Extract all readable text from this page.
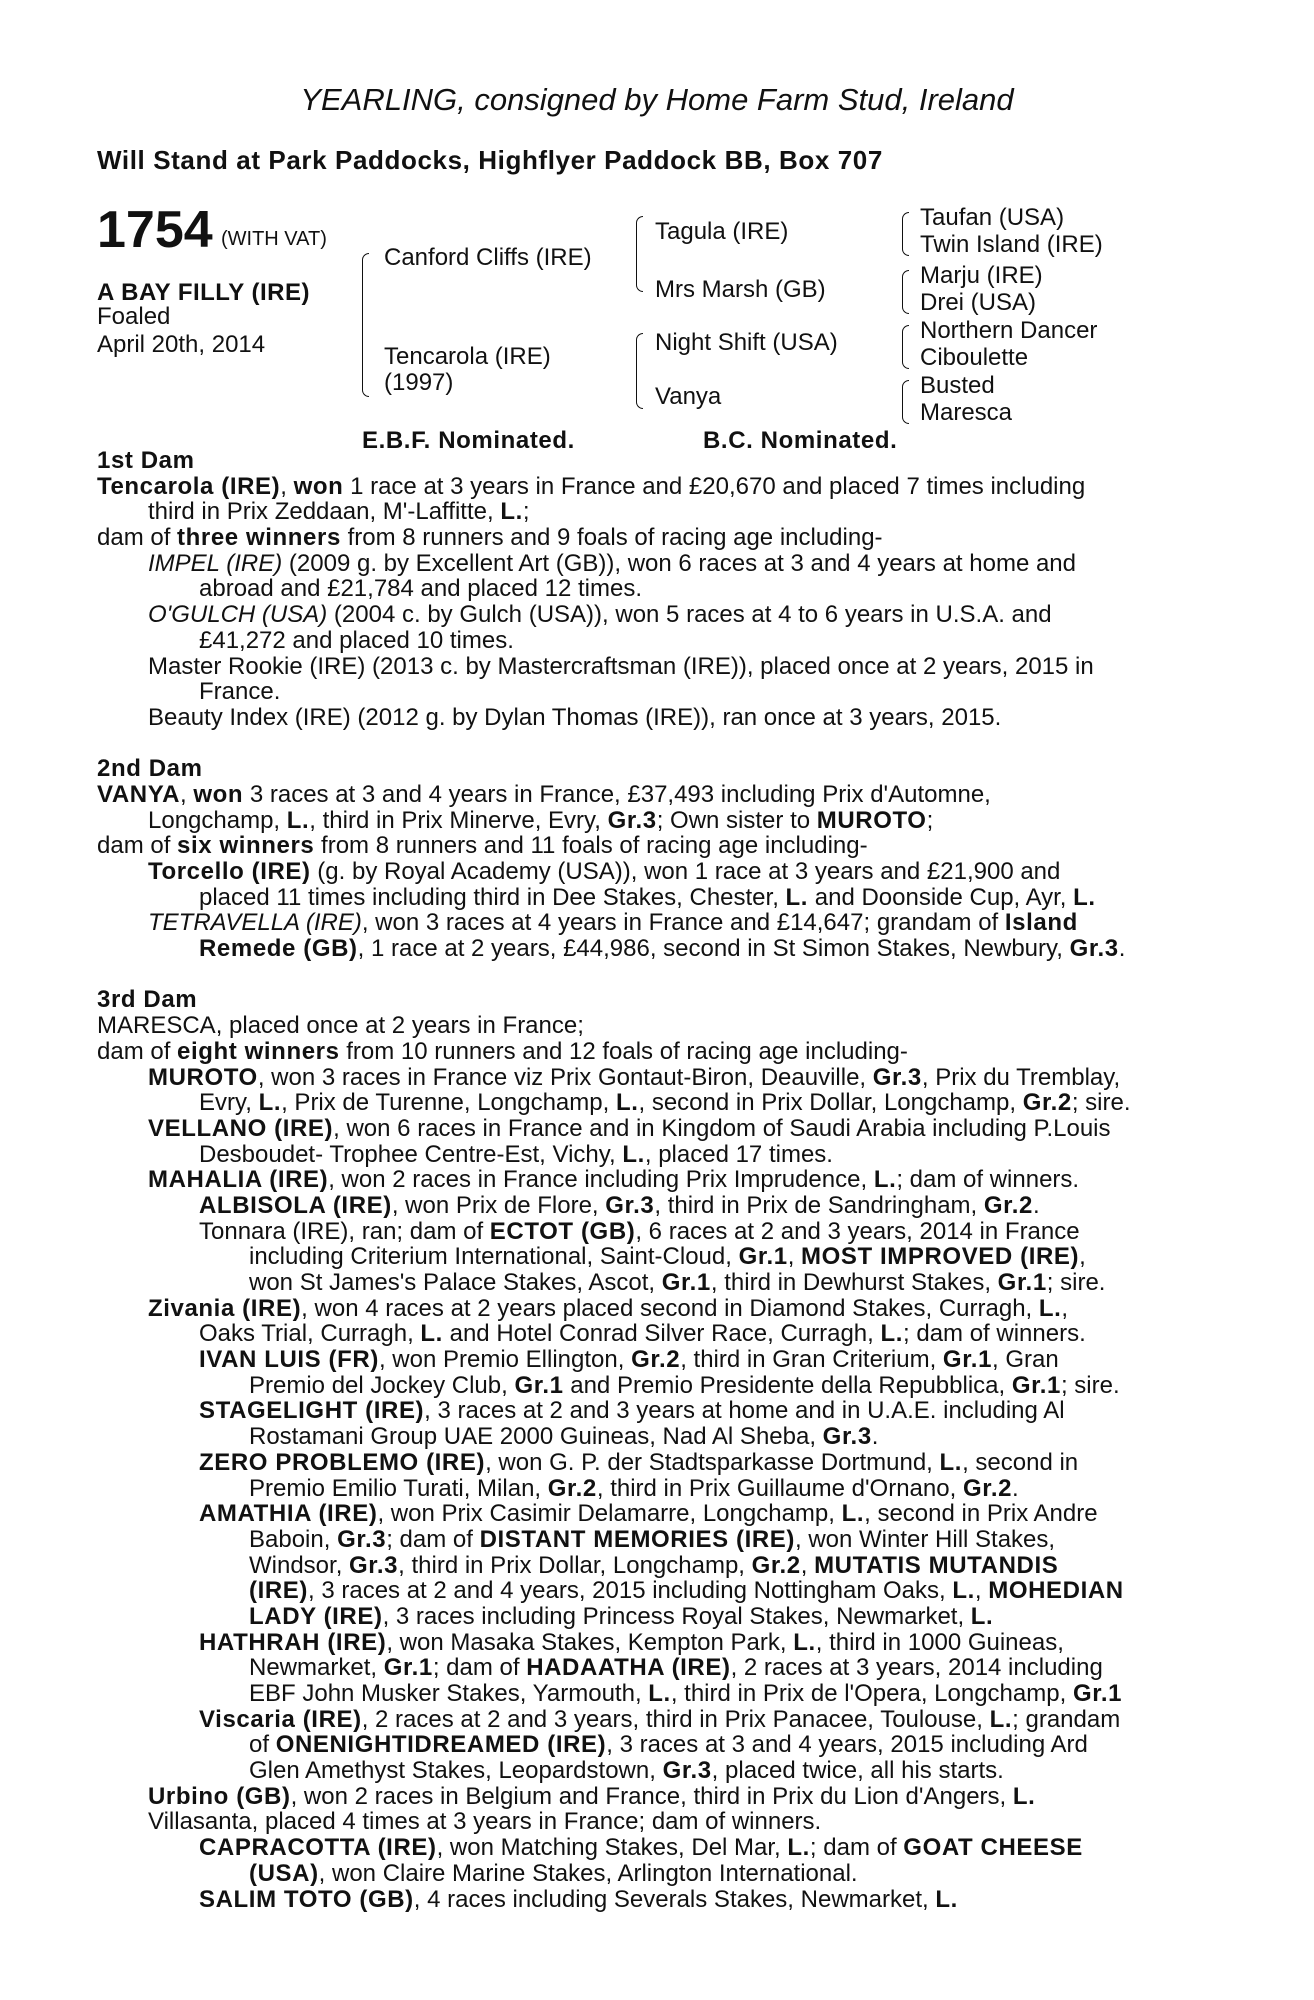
YEARLING, consigned by Home Farm Stud, Ireland
Will Stand at Park Paddocks, Highflyer Paddock BB, Box 707
1754 (WITH VAT)
A BAY FILLY (IRE)
Foaled
April 20th, 2014
Canford Cliffs (IRE)
Tencarola (IRE)
(1997)
Tagula (IRE)
Mrs Marsh (GB)
Night Shift (USA)
Vanya
Taufan (USA)
Twin Island (IRE)
Marju (IRE)
Drei (USA)
Northern Dancer
Ciboulette
Busted
Maresca
E.B.F. Nominated.	B.C. Nominated.
1st Dam
Tencarola (IRE), won 1 race at 3 years in France and £20,670 and placed 7 times including
third in Prix Zeddaan, M'-Laffitte, L.;
dam of three winners from 8 runners and 9 foals of racing age including-
IMPEL (IRE) (2009 g. by Excellent Art (GB)), won 6 races at 3 and 4 years at home and
abroad and £21,784 and placed 12 times.
O'GULCH (USA) (2004 c. by Gulch (USA)), won 5 races at 4 to 6 years in U.S.A. and
£41,272 and placed 10 times.
Master Rookie (IRE) (2013 c. by Mastercraftsman (IRE)), placed once at 2 years, 2015 in
France.
Beauty Index (IRE) (2012 g. by Dylan Thomas (IRE)), ran once at 3 years, 2015.
2nd Dam
VANYA, won 3 races at 3 and 4 years in France, £37,493 including Prix d'Automne,
Longchamp, L., third in Prix Minerve, Evry, Gr.3; Own sister to MUROTO;
dam of six winners from 8 runners and 11 foals of racing age including-
Torcello (IRE) (g. by Royal Academy (USA)), won 1 race at 3 years and £21,900 and
placed 11 times including third in Dee Stakes, Chester, L. and Doonside Cup, Ayr, L.
TETRAVELLA (IRE), won 3 races at 4 years in France and £14,647; grandam of Island
Remede (GB), 1 race at 2 years, £44,986, second in St Simon Stakes, Newbury, Gr.3.
3rd Dam
MARESCA, placed once at 2 years in France;
dam of eight winners from 10 runners and 12 foals of racing age including-
MUROTO, won 3 races in France viz Prix Gontaut-Biron, Deauville, Gr.3, Prix du Tremblay,
Evry, L., Prix de Turenne, Longchamp, L., second in Prix Dollar, Longchamp, Gr.2; sire.
VELLANO (IRE), won 6 races in France and in Kingdom of Saudi Arabia including P.Louis
Desboudet- Trophee Centre-Est, Vichy, L., placed 17 times.
MAHALIA (IRE), won 2 races in France including Prix Imprudence, L.; dam of winners.
ALBISOLA (IRE), won Prix de Flore, Gr.3, third in Prix de Sandringham, Gr.2.
Tonnara (IRE), ran; dam of ECTOT (GB), 6 races at 2 and 3 years, 2014 in France
including Criterium International, Saint-Cloud, Gr.1, MOST IMPROVED (IRE),
won St James's Palace Stakes, Ascot, Gr.1, third in Dewhurst Stakes, Gr.1; sire.
Zivania (IRE), won 4 races at 2 years placed second in Diamond Stakes, Curragh, L.,
Oaks Trial, Curragh, L. and Hotel Conrad Silver Race, Curragh, L.; dam of winners.
IVAN LUIS (FR), won Premio Ellington, Gr.2, third in Gran Criterium, Gr.1, Gran
Premio del Jockey Club, Gr.1 and Premio Presidente della Repubblica, Gr.1; sire.
STAGELIGHT (IRE), 3 races at 2 and 3 years at home and in U.A.E. including Al
Rostamani Group UAE 2000 Guineas, Nad Al Sheba, Gr.3.
ZERO PROBLEMO (IRE), won G. P. der Stadtsparkasse Dortmund, L., second in
Premio Emilio Turati, Milan, Gr.2, third in Prix Guillaume d'Ornano, Gr.2.
AMATHIA (IRE), won Prix Casimir Delamarre, Longchamp, L., second in Prix Andre
Baboin, Gr.3; dam of DISTANT MEMORIES (IRE), won Winter Hill Stakes,
Windsor, Gr.3, third in Prix Dollar, Longchamp, Gr.2, MUTATIS MUTANDIS
(IRE), 3 races at 2 and 4 years, 2015 including Nottingham Oaks, L., MOHEDIAN
LADY (IRE), 3 races including Princess Royal Stakes, Newmarket, L.
HATHRAH (IRE), won Masaka Stakes, Kempton Park, L., third in 1000 Guineas,
Newmarket, Gr.1; dam of HADAATHA (IRE), 2 races at 3 years, 2014 including
EBF John Musker Stakes, Yarmouth, L., third in Prix de l'Opera, Longchamp, Gr.1
Viscaria (IRE), 2 races at 2 and 3 years, third in Prix Panacee, Toulouse, L.; grandam
of ONENIGHTIDREAMED (IRE), 3 races at 3 and 4 years, 2015 including Ard
Glen Amethyst Stakes, Leopardstown, Gr.3, placed twice, all his starts.
Urbino (GB), won 2 races in Belgium and France, third in Prix du Lion d'Angers, L.
Villasanta, placed 4 times at 3 years in France; dam of winners.
CAPRACOTTA (IRE), won Matching Stakes, Del Mar, L.; dam of GOAT CHEESE
(USA), won Claire Marine Stakes, Arlington International.
SALIM TOTO (GB), 4 races including Severals Stakes, Newmarket, L.
